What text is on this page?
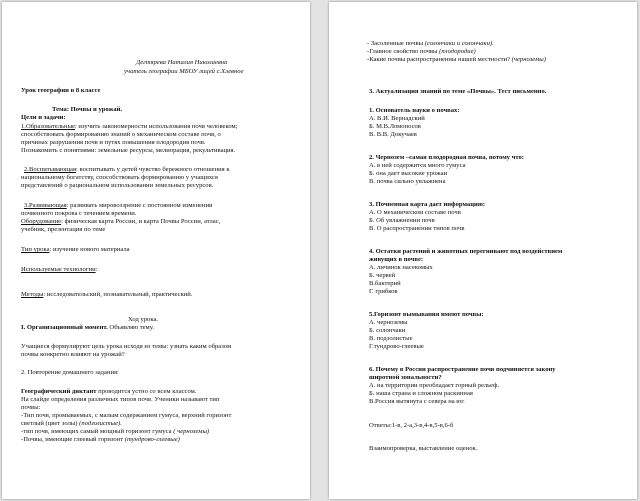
Дегтярева Наталия Николаевна
учитель географии МБОУ лицей с.Хлевное
Урок географии в 8 классе
Тема: Почвы и урожай.
Цели и задачи:
1.Образовательные: изучить закономерности использования почв человеком;
способствовать формированию знаний о механическом составе почв, о
причинах разрушения почв и путях повышения плодородия почв.
Познакомить с понятиями: земельные ресурсы, мелиорация, рекультивация.
2.Воспитывающая: воспитывать у детей чувство бережного отношения к
национальному богатству, способствовать формированию у учащихся
представлений о рациональном использовании земельных ресурсов.
3.Развивающая: развивать мировоззрение с постоянном изменении
почвенного покрова с течением времени.
Оборудование: физическая карта России, и карта Почвы России, атлас,
учебник, презентация по теме
Тип урока: изучение нового материала
Используемые технологии:
Методы: исследовательский, познавательный, практический.
Ход урока.
I. Организационный момент. Объявляю тему.
Учащиеся формулируют цель урока исходя из темы: узнать каким образом
почвы конкретно влияют на урожай?
2. Повторение домашнего задания:
Географический диктант проводится устно со всем классом.
На слайде определения различных типов почв. Ученики называют тип
почвы:
-Тип почв, промываемых, с малым содержанием гумуса, верхний горизонт
светлый (цвет золы) (подзолистые).
-тип почв, имеющих самый мощный горизонт гумуса ( черноземы)
-Почвы, имеющие глеевый горизонт (тундрово-глеевые)
- Засоленные почвы (солончаки и солончаки).
-Главное свойство почвы (плодородие)
-Какие почвы распространенны нашей местности? (черноземы)
3. Актуализация знаний по теме «Почвы». Тест письменно.
1. Основатель науки о почвах:
А. В.И. Вернадский
Б. М.В.Ломоносов
В. В.В. Докучаев
2. Чернозем –самая плодородная почва, потому что:
А. в ней содержится много гумуса
Б. она дает высокие урожаи
В. почва сильно увлажнена
3. Почвенная карта дает информацию:
А. О механическом составе почв
Б. Об увлажнении почв
В. О распространении типов почв
4. Остатки растений и животных перегнивают под воздействием
живущих в почве:
А. личинок насекомых
Б. червей
В.бактерий
Г. грибков
5.Горизонт вымывания имеют почвы:
А. черноземы
Б. солончаки
В. подзолистые
Г.тундрово-глеевые
6. Почему в России распространение почв подчиняется закону
широтной зональности?
А. на территории преобладает горный рельеф.
Б. наша страна и сложном раскинная
В.Россия вытянута с севера на юг.
Ответы:1-в, 2-а,3-в,4-в,5-в,6-б
Взаимопроверка, выставление оценок.
